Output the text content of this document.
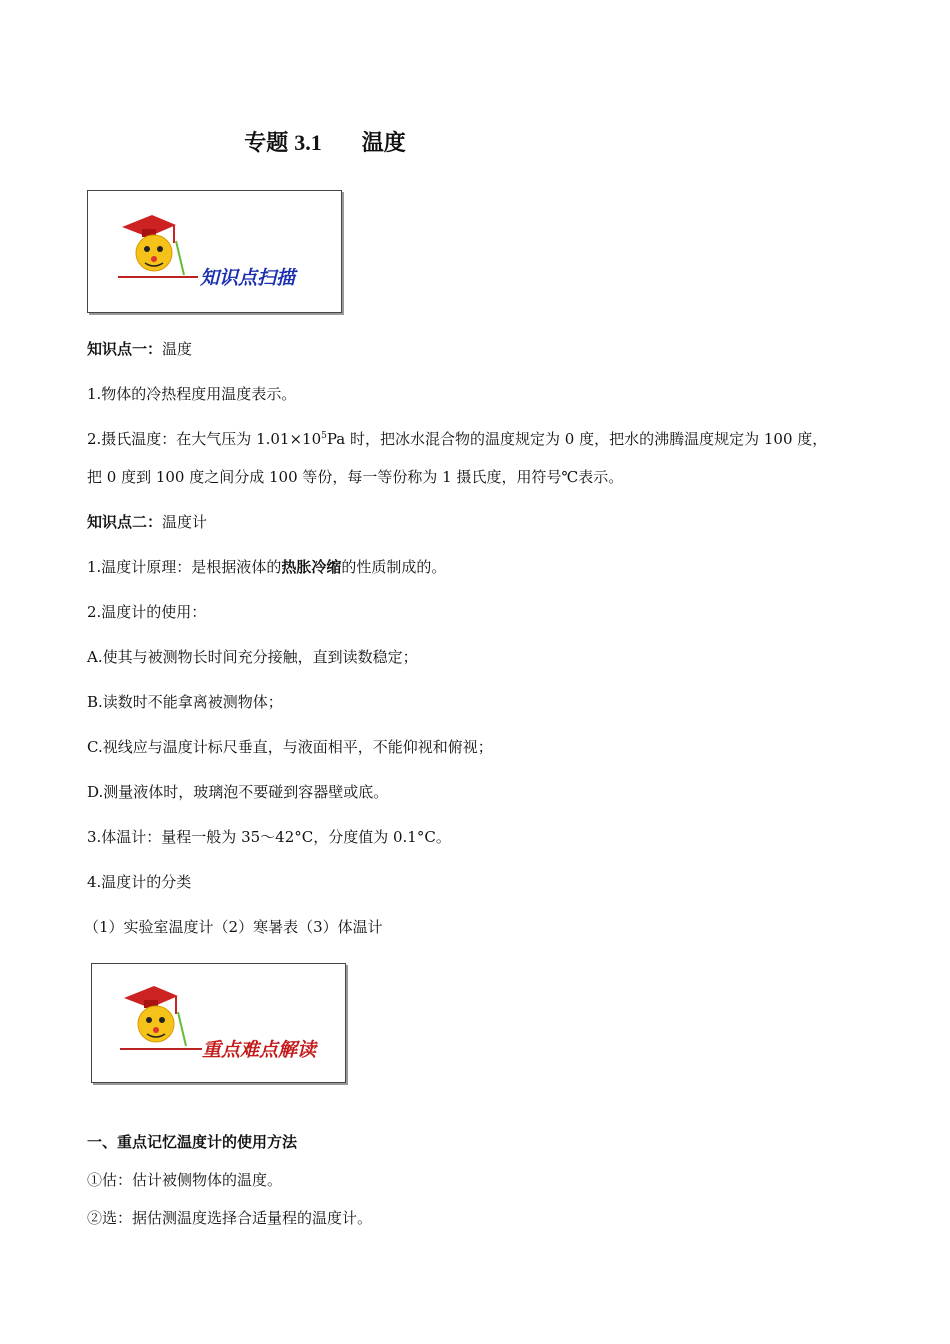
专题 3.1 温度
知识点扫描
知识点一：温度
1.物体的冷热程度用温度表示。
2.摄氏温度：在大气压为 $1.01\times 10^5Pa$ 时，把冰水混合物的温度规定为 0 度，把水的沸腾温度规定为 100 度，
把 0 度到 100 度之间分成 100 等份，每一等份称为 1 摄氏度，用符号℃表示。
知识点二：温度计
1.温度计原理：是根据液体的热胀冷缩的性质制成的。
2.温度计的使用：
A.使其与被测物长时间充分接触，直到读数稳定；
B.读数时不能拿离被测物体；
C.视线应与温度计标尺垂直，与液面相平，不能仰视和俯视；
D.测量液体时，玻璃泡不要碰到容器壁或底。
3.体温计：量程一般为 35～42°C，分度值为 0.1°C。
4.温度计的分类
（1）实验室温度计（2）寒暑表（3）体温计
重点难点解读
一、重点记忆温度计的使用方法
①估：估计被侧物体的温度。
②选：据估测温度选择合适量程的温度计。
